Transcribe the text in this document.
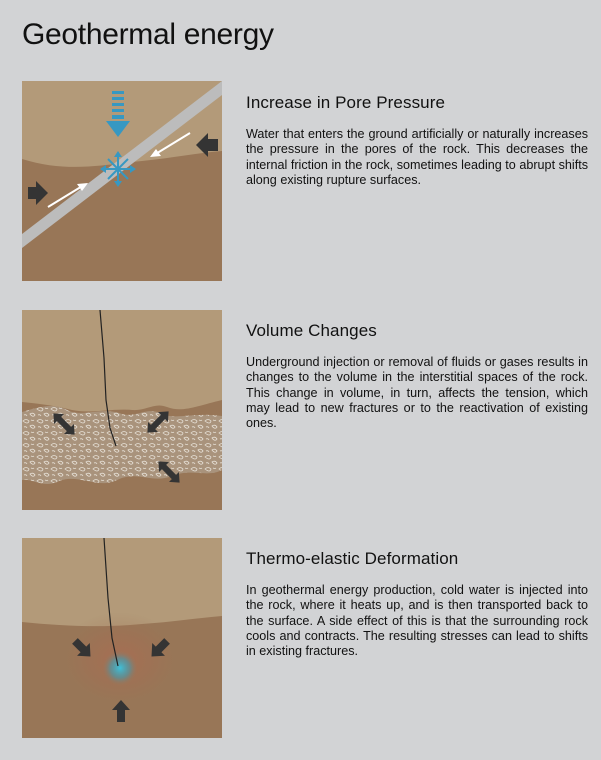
Geothermal energy
Increase in Pore Pressure

Water that enters the ground artificially or naturally increases the pressure in the pores of the rock. This decreases the internal friction in the rock, sometimes leading to abrupt shifts along existing rupture surfaces.

Volume Changes

Underground injection or removal of fluids or gases results in changes to the volume in the interstitial spaces of the rock. This change in volume, in turn, affects the tension, which may lead to new fractures or to the reactivation of existing ones.

Thermo-elastic Deformation

In geothermal energy production, cold water is injected into the rock, where it heats up, and is then transported back to the surface. A side effect of this is that the surrounding rock cools and contracts. The resulting stresses can lead to shifts in existing fractures.
